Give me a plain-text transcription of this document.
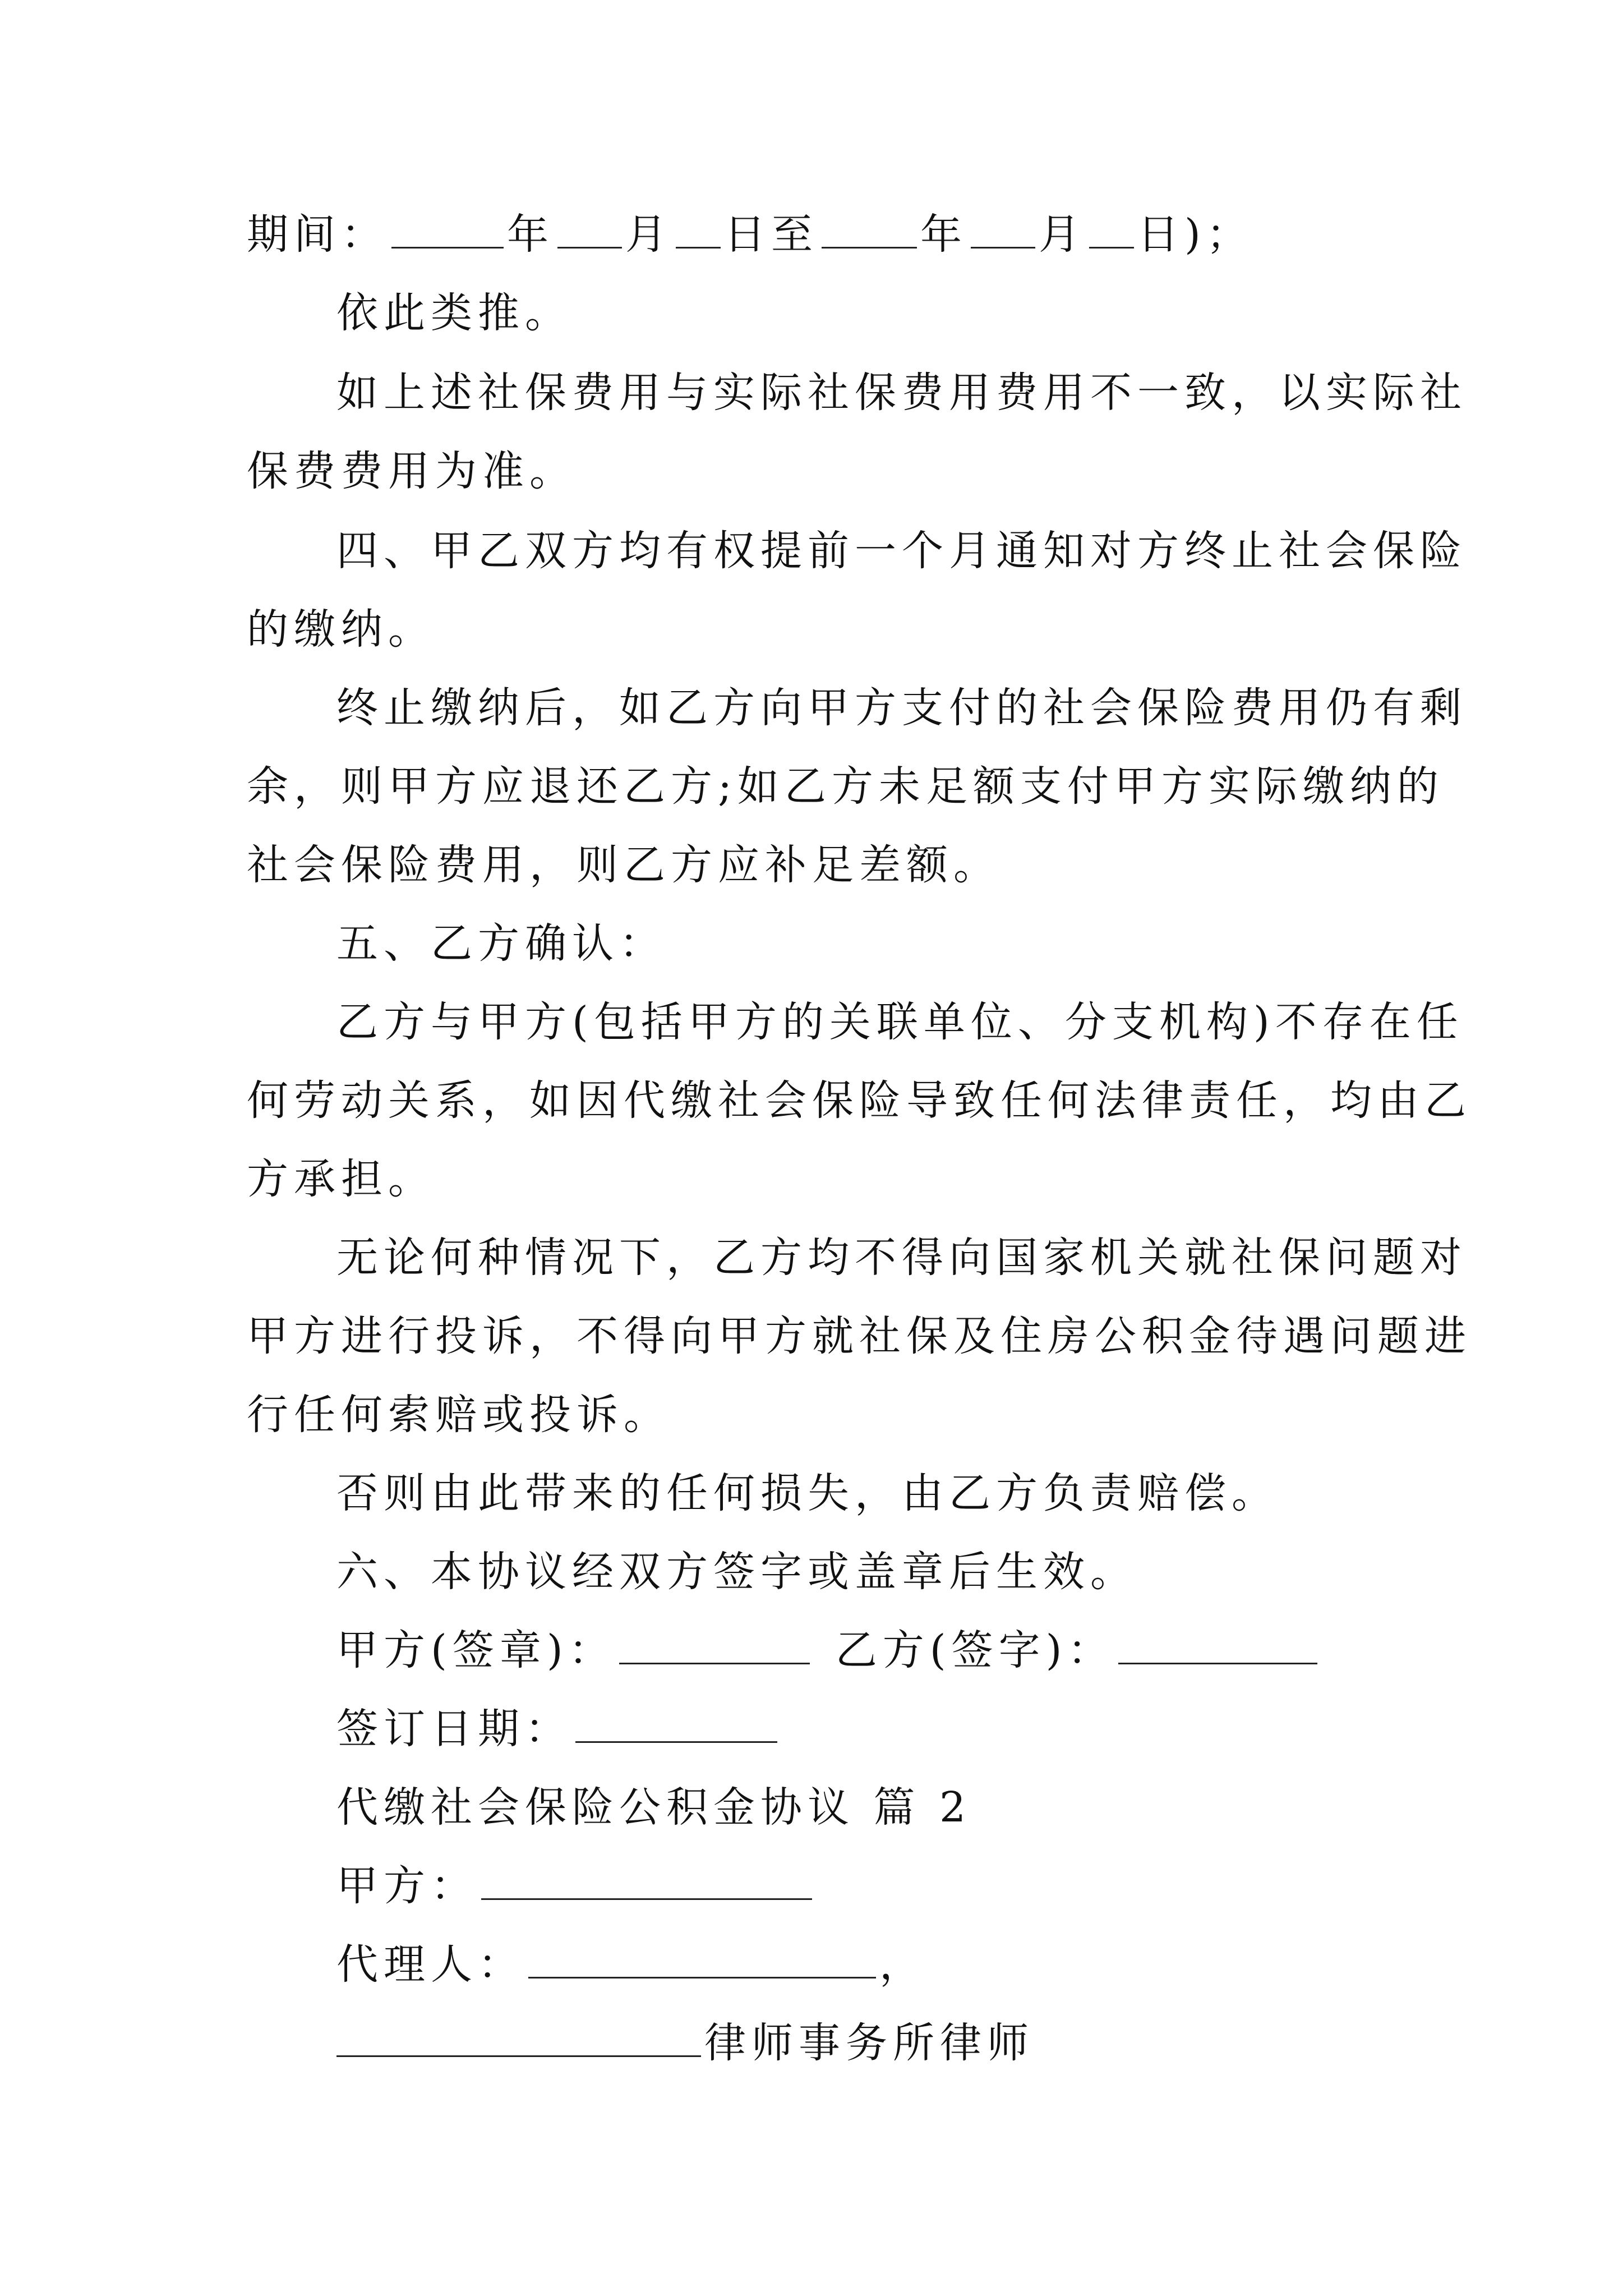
期间：	年 月 日至 年 月 日)；
依此类推。
如上述社保费用与实际社保费用费用不一致，以实际社
保费费用为准。
四、甲乙双方均有权提前一个月通知对方终止社会保险
的缴纳。
终止缴纳后，如乙方向甲方支付的社会保险费用仍有剩
余，则甲方应退还乙方;如乙方未足额支付甲方实际缴纳的
社会保险费用，则乙方应补足差额。
五、乙方确认：
乙方与甲方(包括甲方的关联单位、分支机构)不存在任
何劳动关系，如因代缴社会保险导致任何法律责任，均由乙
方承担。
无论何种情况下，乙方均不得向国家机关就社保问题对
甲方进行投诉，不得向甲方就社保及住房公积金待遇问题进
行任何索赔或投诉。
否则由此带来的任何损失，由乙方负责赔偿。
六、本协议经双方签字或盖章后生效。
甲方(签章)：	乙方(签字)：
签订日期：
代缴社会保险公积金协议 篇 2
甲方：
代理人：	，
律师事务所律师
